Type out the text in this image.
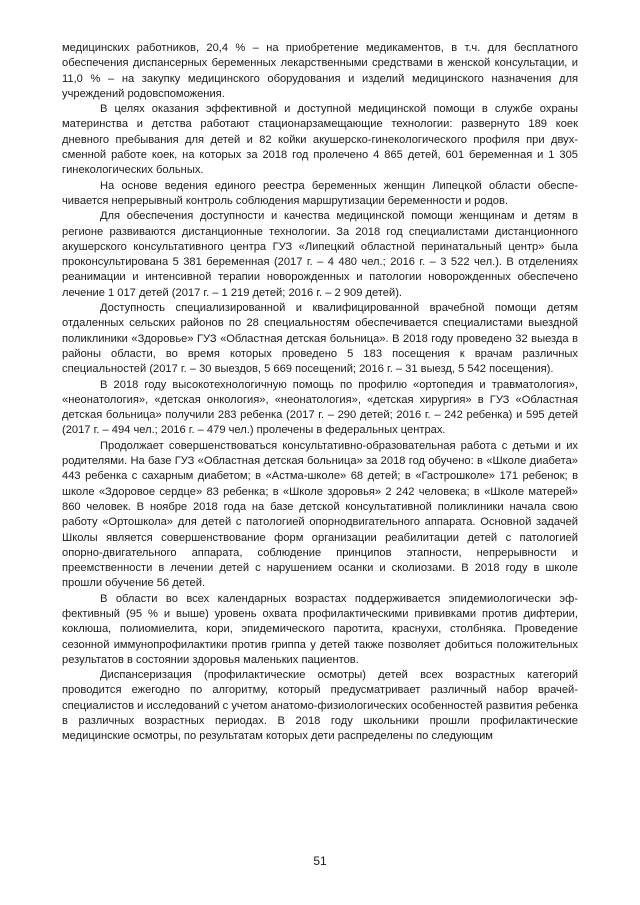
медицинских работников, 20,4 % – на приобретение медикаментов, в т.ч. для бесплатного обеспечения диспансерных беременных лекарственными средствами в женской консультации, и 11,0 % – на закупку медицинского оборудования и изделий медицинского назначения для учреждений родовспоможения.

В целях оказания эффективной и доступной медицинской помощи в службе охраны материнства и детства работают стационарзамещающие технологии: развернуто 189 коек дневного пребывания для детей и 82 койки акушерско-гинекологического профиля при двухсменной работе коек, на которых за 2018 год пролечено 4 865 детей, 601 беременная и 1 305 гинекологических больных.

На основе ведения единого реестра беременных женщин Липецкой области обеспечивается непрерывный контроль соблюдения маршрутизации беременности и родов.

Для обеспечения доступности и качества медицинской помощи женщинам и детям в регионе развиваются дистанционные технологии. За 2018 год специалистами дистанционного акушерского консультативного центра ГУЗ «Липецкий областной перинатальный центр» была проконсультирована 5 381 беременная (2017 г. – 4 480 чел.; 2016 г. – 3 522 чел.). В отделениях реанимации и интенсивной терапии новорожденных и патологии новорожденных обеспечено лечение 1 017 детей (2017 г. – 1 219 детей; 2016 г. – 2 909 детей).

Доступность специализированной и квалифицированной врачебной помощи детям отдаленных сельских районов по 28 специальностям обеспечивается специалистами выездной поликлиники «Здоровье» ГУЗ «Областная детская больница». В 2018 году проведено 32 выезда в районы области, во время которых проведено 5 183 посещения к врачам различных специальностей (2017 г. – 30 выездов, 5 669 посещений; 2016 г. – 31 выезд, 5 542 посещения).

В 2018 году высокотехнологичную помощь по профилю «ортопедия и травматология», «неонатология», «детская онкология», «неонатология», «детская хирургия» в ГУЗ «Областная детская больница» получили 283 ребенка (2017 г. – 290 детей; 2016 г. – 242 ребенка) и 595 детей (2017 г. – 494 чел.; 2016 г. – 479 чел.) пролечены в федеральных центрах.

Продолжает совершенствоваться консультативно-образовательная работа с детьми и их родителями. На базе ГУЗ «Областная детская больница» за 2018 год обучено: в «Школе диабета» 443 ребенка с сахарным диабетом; в «Астма-школе» 68 детей; в «Гастрошколе» 171 ребенок; в школе «Здоровое сердце» 83 ребенка; в «Школе здоровья» 2 242 человека; в «Школе матерей» 860 человек. В ноябре 2018 года на базе детской консультативной поликлиники начала свою работу «Ортошкола» для детей с патологией опорнодвигательного аппарата. Основной задачей Школы является совершенствование форм организации реабилитации детей с патологией опорно-двигательного аппарата, соблюдение принципов этапности, непрерывности и преемственности в лечении детей с нарушением осанки и сколиозами. В 2018 году в школе прошли обучение 56 детей.

В области во всех календарных возрастах поддерживается эпидемиологически эффективный (95 % и выше) уровень охвата профилактическими прививками против дифтерии, коклюша, полиомиелита, кори, эпидемического паротита, краснухи, столбняка. Проведение сезонной иммунопрофилактики против гриппа у детей также позволяет добиться положительных результатов в состоянии здоровья маленьких пациентов.

Диспансеризация (профилактические осмотры) детей всех возрастных категорий проводится ежегодно по алгоритму, который предусматривает различный набор врачей-специалистов и исследований с учетом анатомо-физиологических особенностей развития ребенка в различных возрастных периодах. В 2018 году школьники прошли профилактические медицинские осмотры, по результатам которых дети распределены по следующим

51
